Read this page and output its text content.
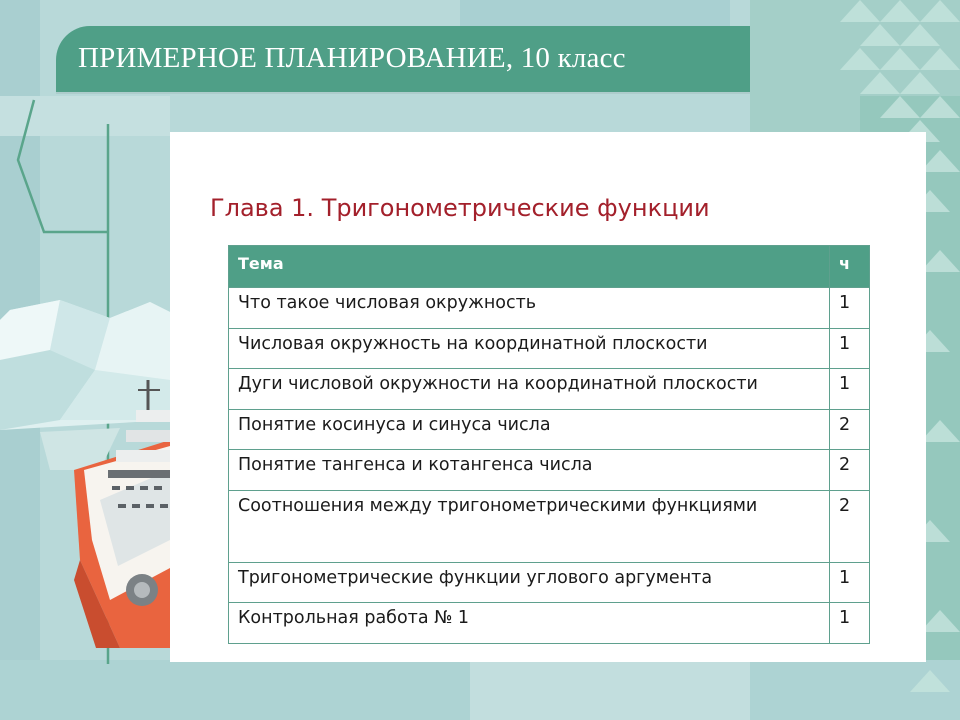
ПРИМЕРНОЕ ПЛАНИРОВАНИЕ, 10 класс
Глава 1. Тригонометрические функции
Тема	ч
Что такое числовая окружность	1
Числовая окружность на координатной плоскости	1
Дуги числовой окружности на координатной плоскости	1
Понятие косинуса и синуса числа	2
Понятие тангенса и котангенса числа	2
Соотношения между тригонометрическими функциями	2
Тригонометрические функции углового аргумента	1
Контрольная работа № 1	1
